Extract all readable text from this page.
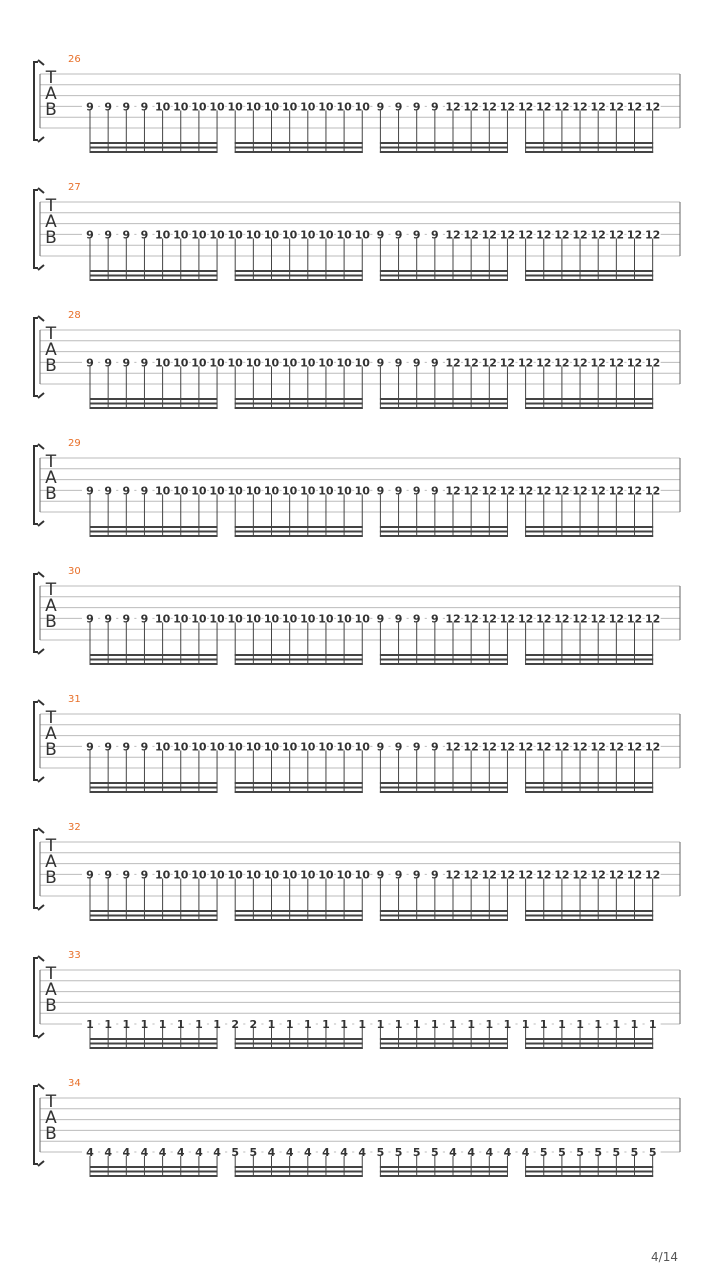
26
T
A
B	9 9 9 9 10 10 10 10 10 10 10 10 10 10 10 10 9 9 9 9 12 12 12 12 12 12 12 12 12 12 12 12
27
T
A
B	9 9 9 9 10 10 10 10 10 10 10 10 10 10 10 10 9 9 9 9 12 12 12 12 12 12 12 12 12 12 12 12
28
T
A
B	9 9 9 9 10 10 10 10 10 10 10 10 10 10 10 10 9 9 9 9 12 12 12 12 12 12 12 12 12 12 12 12
29
T
A
B	9 9 9 9 10 10 10 10 10 10 10 10 10 10 10 10 9 9 9 9 12 12 12 12 12 12 12 12 12 12 12 12
30
T
A
B	9 9 9 9 10 10 10 10 10 10 10 10 10 10 10 10 9 9 9 9 12 12 12 12 12 12 12 12 12 12 12 12
31
T
A
B	9 9 9 9 10 10 10 10 10 10 10 10 10 10 10 10 9 9 9 9 12 12 12 12 12 12 12 12 12 12 12 12
32
T
A
B	9 9 9 9 10 10 10 10 10 10 10 10 10 10 10 10 9 9 9 9 12 12 12 12 12 12 12 12 12 12 12 12
33
T
A
B
1 1 1 1 1 1 1 1 2 2 1 1 1 1 1 1 1 1 1 1 1 1 1 1 1 1 1 1 1 1 1 1
34
T
A
B
4 4 4 4 4 4 4 4 5 5 4 4 4 4 4 4 5 5 5 5 4 4 4 4 4 5 5 5 5 5 5 5
4/14
